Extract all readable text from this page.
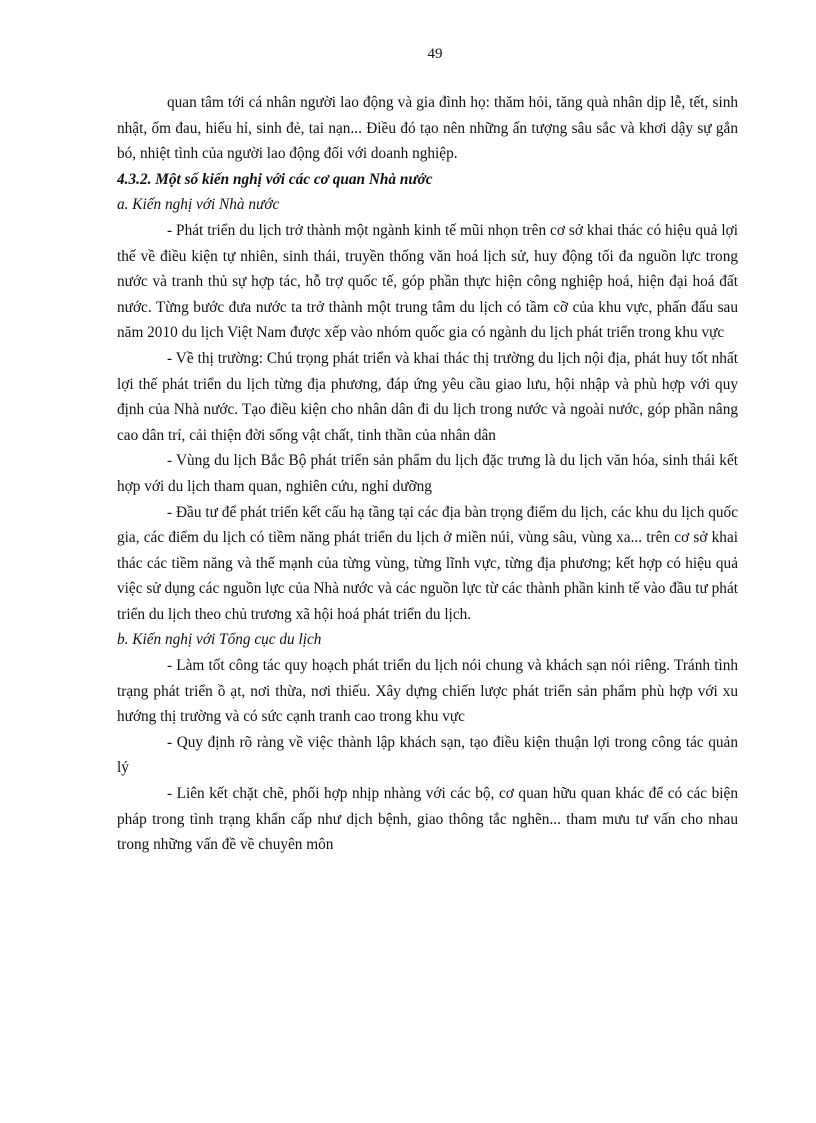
49

quan tâm tới cá nhân người lao động và gia đình họ: thăm hỏi, tăng quà nhân dịp lễ, tết, sinh nhật, ốm đau, hiếu hỉ, sinh đẻ, tai nạn... Điều đó tạo nên những ấn tượng sâu sắc và khơi dậy sự gắn bó, nhiệt tình của người lao động đối với doanh nghiệp.

4.3.2. Một số kiến nghị với các cơ quan Nhà nước

a. Kiến nghị với Nhà nước

- Phát triển du lịch trở thành một ngành kinh tế mũi nhọn trên cơ sở khai thác có hiệu quả lợi thế về điều kiện tự nhiên, sinh thái, truyền thống văn hoá lịch sử, huy động tối đa nguồn lực trong nước và tranh thủ sự hợp tác, hỗ trợ quốc tế, góp phần thực hiện công nghiệp hoá, hiện đại hoá đất nước. Từng bước đưa nước ta trở thành một trung tâm du lịch có tầm cỡ của khu vực, phấn đấu sau năm 2010 du lịch Việt Nam được xếp vào nhóm quốc gia có ngành du lịch phát triển trong khu vực

- Về thị trường: Chú trọng phát triển và khai thác thị trường du lịch nội địa, phát huy tốt nhất lợi thế phát triển du lịch từng địa phương, đáp ứng yêu cầu giao lưu, hội nhập và phù hợp với quy định của Nhà nước. Tạo điều kiện cho nhân dân đi du lịch trong nước và ngoài nước, góp phần nâng cao dân trí, cải thiện đời sống vật chất, tinh thần của nhân dân

- Vùng du lịch Bắc Bộ phát triển sản phẩm du lịch đặc trưng là du lịch văn hóa, sinh thái kết hợp với du lịch tham quan, nghiên cứu, nghỉ dưỡng

- Đầu tư để phát triển kết cấu hạ tầng tại các địa bàn trọng điểm du lịch, các khu du lịch quốc gia, các điểm du lịch có tiềm năng phát triển du lịch ở miền núi, vùng sâu, vùng xa... trên cơ sở khai thác các tiềm năng và thế mạnh của từng vùng, từng lĩnh vực, từng địa phương; kết hợp có hiệu quả việc sử dụng các nguồn lực của Nhà nước và các nguồn lực từ các thành phần kinh tế vào đầu tư phát triển du lịch theo chủ trương xã hội hoá phát triển du lịch.

b. Kiến nghị với Tổng cục du lịch

- Làm tốt công tác quy hoạch phát triển du lịch nói chung và khách sạn nói riêng. Tránh tình trạng phát triển ồ ạt, nơi thừa, nơi thiếu. Xây dựng chiến lược phát triển sản phẩm phù hợp với xu hướng thị trường và có sức cạnh tranh cao trong khu vực

- Quy định rõ ràng về việc thành lập khách sạn, tạo điều kiện thuận lợi trong công tác quản lý

- Liên kết chặt chẽ, phối hợp nhịp nhàng với các bộ, cơ quan hữu quan khác để có các biện pháp trong tình trạng khẩn cấp như dịch bệnh, giao thông tắc nghẽn... tham mưu tư vấn cho nhau trong những vấn đề về chuyên môn
